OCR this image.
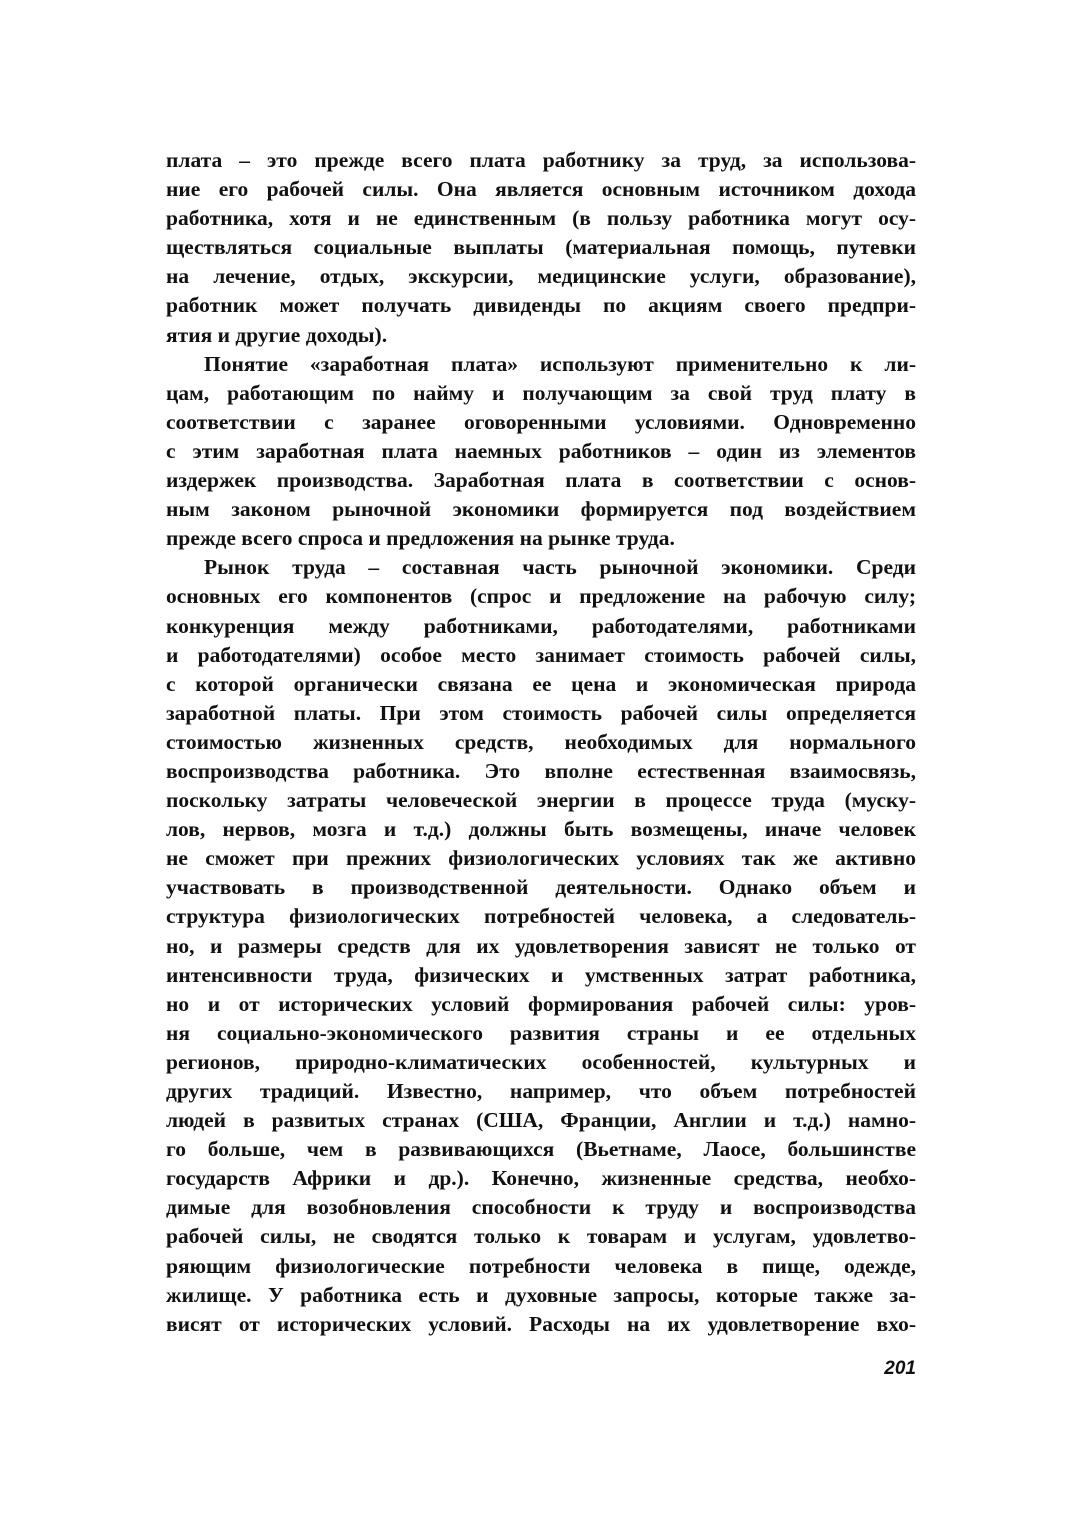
плата – это прежде всего плата работнику за труд, за использова-
ние его рабочей силы. Она является основным источником дохода
работника, хотя и не единственным (в пользу работника могут осу-
ществляться социальные выплаты (материальная помощь, путевки
на лечение, отдых, экскурсии, медицинские услуги, образование),
работник может получать дивиденды по акциям своего предпри-
ятия и другие доходы).
Понятие «заработная плата» используют применительно к ли-
цам, работающим по найму и получающим за свой труд плату в
соответствии с заранее оговоренными условиями. Одновременно
с этим заработная плата наемных работников – один из элементов
издержек производства. Заработная плата в соответствии с основ-
ным законом рыночной экономики формируется под воздействием
прежде всего спроса и предложения на рынке труда.
Рынок труда – составная часть рыночной экономики. Среди
основных его компонентов (спрос и предложение на рабочую силу;
конкуренция между работниками, работодателями, работниками
и работодателями) особое место занимает стоимость рабочей силы,
с которой органически связана ее цена и экономическая природа
заработной платы. При этом стоимость рабочей силы определяется
стоимостью жизненных средств, необходимых для нормального
воспроизводства работника. Это вполне естественная взаимосвязь,
поскольку затраты человеческой энергии в процессе труда (муску-
лов, нервов, мозга и т.д.) должны быть возмещены, иначе человек
не сможет при прежних физиологических условиях так же активно
участвовать в производственной деятельности. Однако объем и
структура физиологических потребностей человека, а следователь-
но, и размеры средств для их удовлетворения зависят не только от
интенсивности труда, физических и умственных затрат работника,
но и от исторических условий формирования рабочей силы: уров-
ня социально-экономического развития страны и ее отдельных
регионов, природно-климатических особенностей, культурных и
других традиций. Известно, например, что объем потребностей
людей в развитых странах (США, Франции, Англии и т.д.) намно-
го больше, чем в развивающихся (Вьетнаме, Лаосе, большинстве
государств Африки и др.). Конечно, жизненные средства, необхо-
димые для возобновления способности к труду и воспроизводства
рабочей силы, не сводятся только к товарам и услугам, удовлетво-
ряющим физиологические потребности человека в пище, одежде,
жилище. У работника есть и духовные запросы, которые также за-
висят от исторических условий. Расходы на их удовлетворение вхо-
201
